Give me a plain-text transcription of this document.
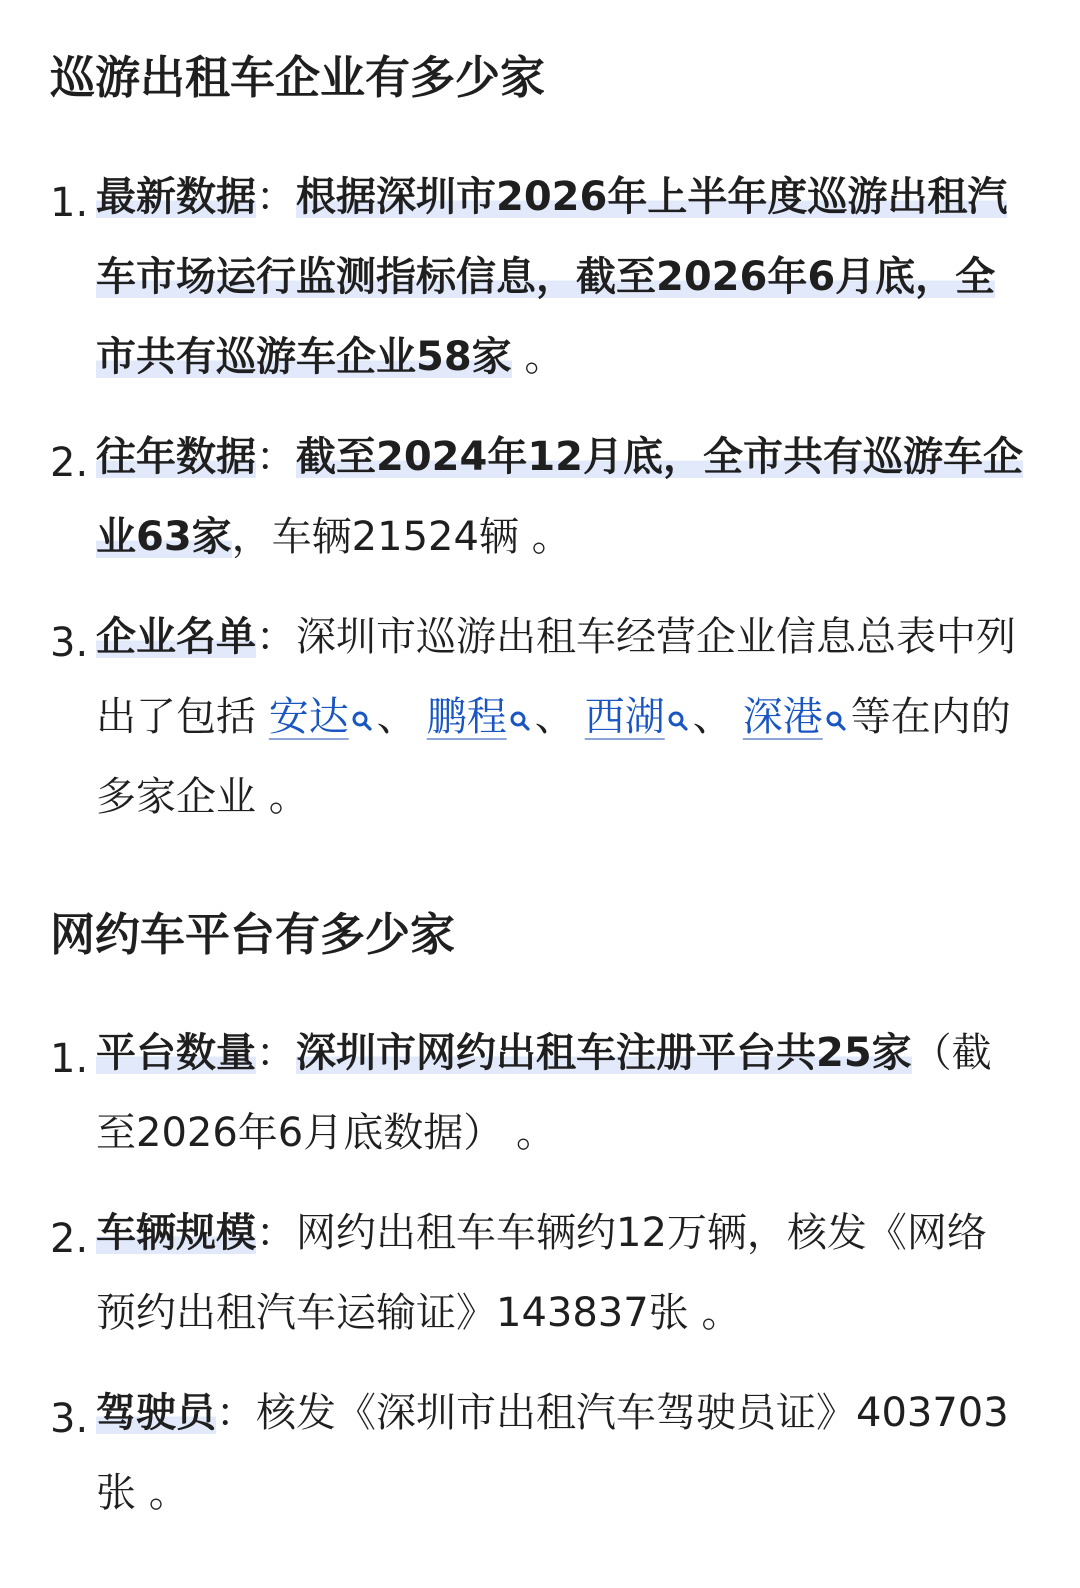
巡游出租车企业有多少家
1. 最新数据：根据深圳市2026年上半年度巡游出租汽车市场运行监测指标信息，截至2026年6月底，全市共有巡游车企业58家 。
2. 往年数据：截至2024年12月底，全市共有巡游车企业63家，车辆21524辆 。
3. 企业名单：深圳市巡游出租车经营企业信息总表中列出了包括 安达 、 鹏程 、 西湖 、 深港 等在内的多家企业 。
网约车平台有多少家
1. 平台数量：深圳市网约出租车注册平台共25家（截至2026年6月底数据） 。
2. 车辆规模：网约出租车车辆约12万辆，核发《网络预约出租汽车运输证》143837张 。
3. 驾驶员：核发《深圳市出租汽车驾驶员证》403703张 。
